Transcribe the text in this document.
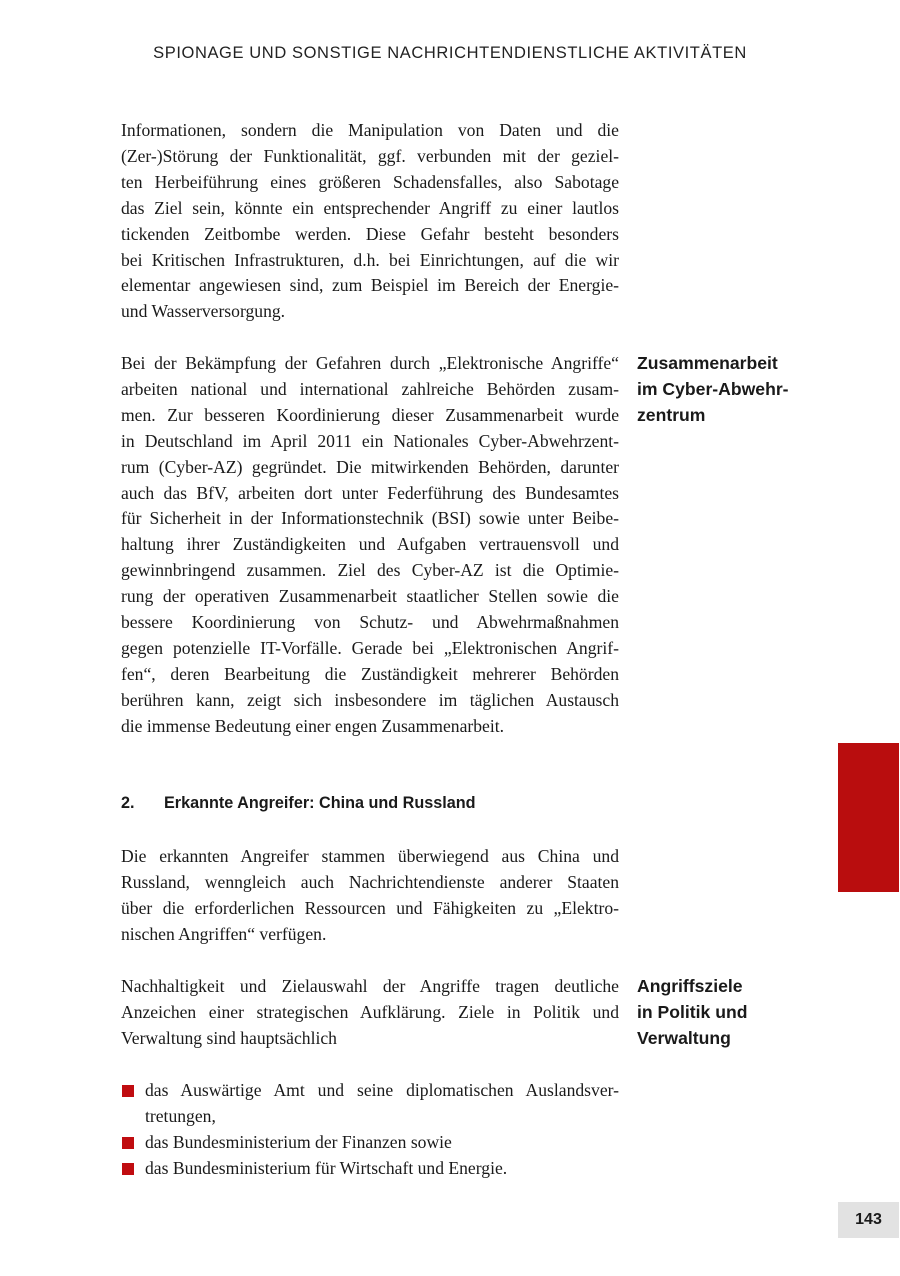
SPIONAGE UND SONSTIGE NACHRICHTENDIENSTLICHE AKTIVITÄTEN

Informationen, sondern die Manipulation von Daten und die
(Zer-)Störung der Funktionalität, ggf. verbunden mit der geziel-
ten Herbeiführung eines größeren Schadensfalles, also Sabotage
das Ziel sein, könnte ein entsprechender Angriff zu einer lautlos
tickenden Zeitbombe werden. Diese Gefahr besteht besonders
bei Kritischen Infrastrukturen, d.h. bei Einrichtungen, auf die wir
elementar angewiesen sind, zum Beispiel im Bereich der Energie-
und Wasserversorgung.

Bei der Bekämpfung der Gefahren durch „Elektronische Angriffe“
arbeiten national und international zahlreiche Behörden zusam-
men. Zur besseren Koordinierung dieser Zusammenarbeit wurde
in Deutschland im April 2011 ein Nationales Cyber-Abwehrzent-
rum (Cyber-AZ) gegründet. Die mitwirkenden Behörden, darunter
auch das BfV, arbeiten dort unter Federführung des Bundesamtes
für Sicherheit in der Informationstechnik (BSI) sowie unter Beibe-
haltung ihrer Zuständigkeiten und Aufgaben vertrauensvoll und
gewinnbringend zusammen. Ziel des Cyber-AZ ist die Optimie-
rung der operativen Zusammenarbeit staatlicher Stellen sowie die
bessere Koordinierung von Schutz- und Abwehrmaßnahmen
gegen potenzielle IT-Vorfälle. Gerade bei „Elektronischen Angrif-
fen“, deren Bearbeitung die Zuständigkeit mehrerer Behörden
berühren kann, zeigt sich insbesondere im täglichen Austausch
die immense Bedeutung einer engen Zusammenarbeit.

Zusammenarbeit
im Cyber-Abwehr-
zentrum

2. Erkannte Angreifer: China und Russland

Die erkannten Angreifer stammen überwiegend aus China und
Russland, wenngleich auch Nachrichtendienste anderer Staaten
über die erforderlichen Ressourcen und Fähigkeiten zu „Elektro-
nischen Angriffen“ verfügen.

Nachhaltigkeit und Zielauswahl der Angriffe tragen deutliche
Anzeichen einer strategischen Aufklärung. Ziele in Politik und
Verwaltung sind hauptsächlich

Angriffsziele
in Politik und
Verwaltung

das Auswärtige Amt und seine diplomatischen Auslandsver-
tretungen,
das Bundesministerium der Finanzen sowie
das Bundesministerium für Wirtschaft und Energie.
143
